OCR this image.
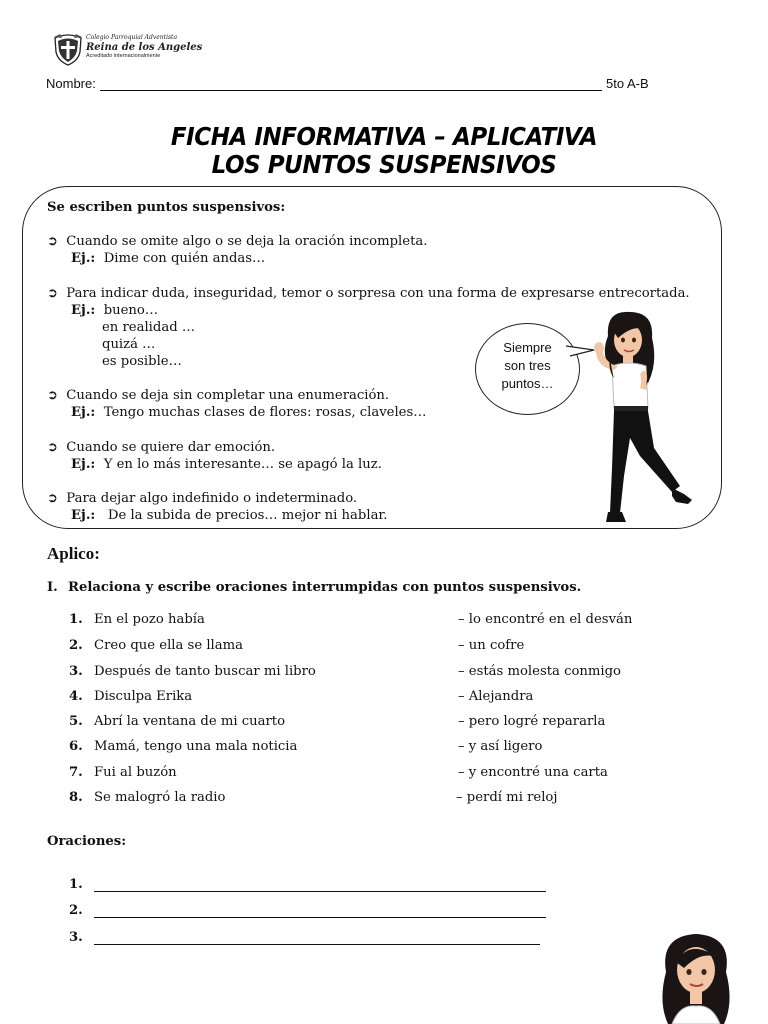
Colegio Parroquial Adventista
Reina de los Angeles
Acreditado internacionalmente
Nombre:	5to A-B
FICHA INFORMATIVA – APLICATIVA
LOS PUNTOS SUSPENSIVOS
Se escriben puntos suspensivos:
➲ Cuando se omite algo o se deja la oración incompleta.
Ej.: Dime con quién andas…
➲ Para indicar duda, inseguridad, temor o sorpresa con una forma de expresarse entrecortada.
Ej.: bueno…
en realidad …
quizá …
es posible…
➲ Cuando se deja sin completar una enumeración.
Ej.: Tengo muchas clases de flores: rosas, claveles…
➲ Cuando se quiere dar emoción.
Ej.: Y en lo más interesante… se apagó la luz.
➲ Para dejar algo indefinido o indeterminado.
Ej.: De la subida de precios… mejor ni hablar.
Siempre
son tres
puntos…
Aplico:
I. Relaciona y escribe oraciones interrumpidas con puntos suspensivos.
1. En el pozo había	– lo encontré en el desván
2. Creo que ella se llama	– un cofre
3. Después de tanto buscar mi libro	– estás molesta conmigo
4. Disculpa Erika	– Alejandra
5. Abrí la ventana de mi cuarto	– pero logré repararla
6. Mamá, tengo una mala noticia	– y así ligero
7. Fui al buzón	– y encontré una carta
8. Se malogró la radio	– perdí mi reloj
Oraciones:
1.
2.
3.
